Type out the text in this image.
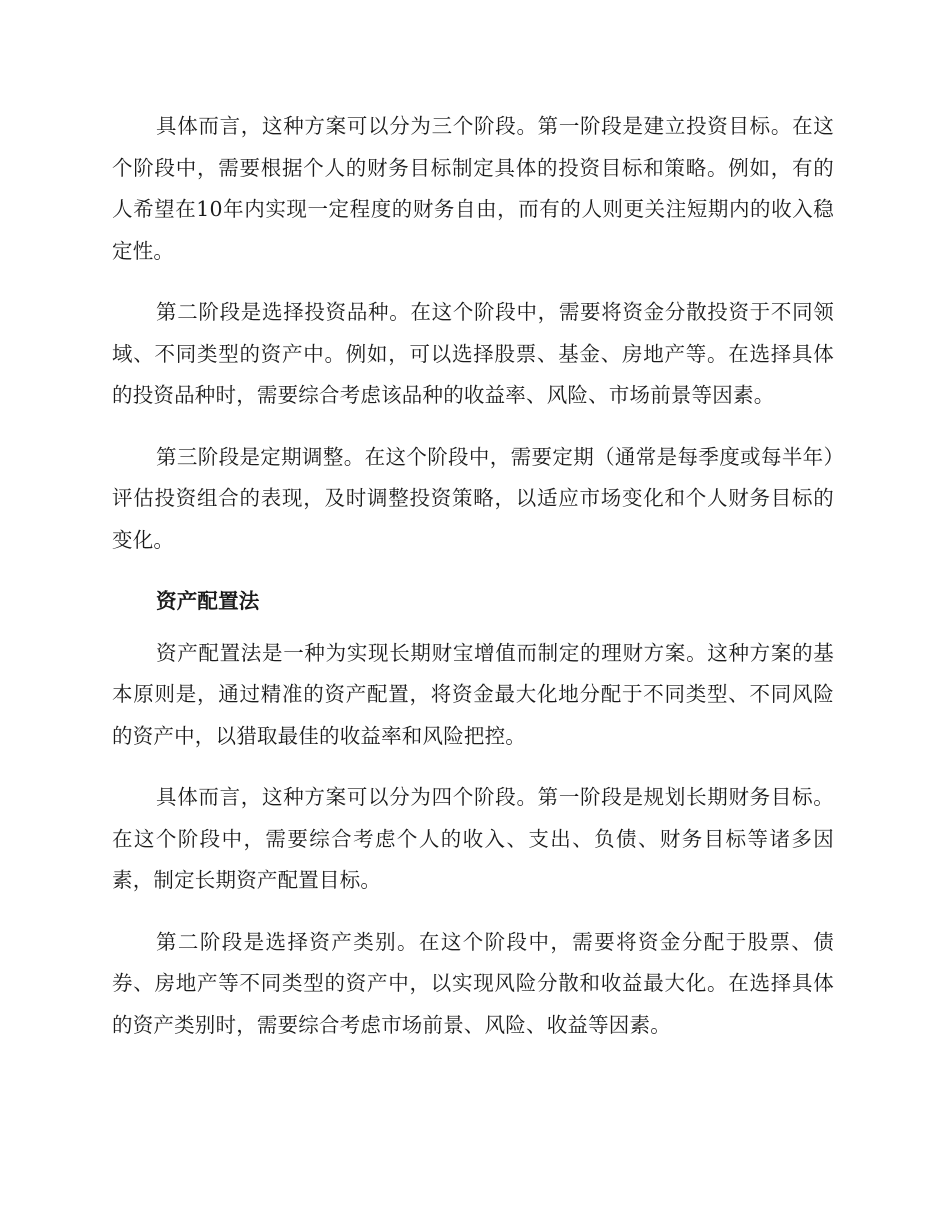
具体而言，这种方案可以分为三个阶段。第一阶段是建立投资目标。在这个阶段中，需要根据个人的财务目标制定具体的投资目标和策略。例如，有的人希望在10年内实现一定程度的财务自由，而有的人则更关注短期内的收入稳定性。

第二阶段是选择投资品种。在这个阶段中，需要将资金分散投资于不同领域、不同类型的资产中。例如，可以选择股票、基金、房地产等。在选择具体的投资品种时，需要综合考虑该品种的收益率、风险、市场前景等因素。

第三阶段是定期调整。在这个阶段中，需要定期（通常是每季度或每半年）评估投资组合的表现，及时调整投资策略，以适应市场变化和个人财务目标的变化。

资产配置法

资产配置法是一种为实现长期财宝增值而制定的理财方案。这种方案的基本原则是，通过精准的资产配置，将资金最大化地分配于不同类型、不同风险的资产中，以猎取最佳的收益率和风险把控。

具体而言，这种方案可以分为四个阶段。第一阶段是规划长期财务目标。在这个阶段中，需要综合考虑个人的收入、支出、负债、财务目标等诸多因素，制定长期资产配置目标。

第二阶段是选择资产类别。在这个阶段中，需要将资金分配于股票、债券、房地产等不同类型的资产中，以实现风险分散和收益最大化。在选择具体的资产类别时，需要综合考虑市场前景、风险、收益等因素。
